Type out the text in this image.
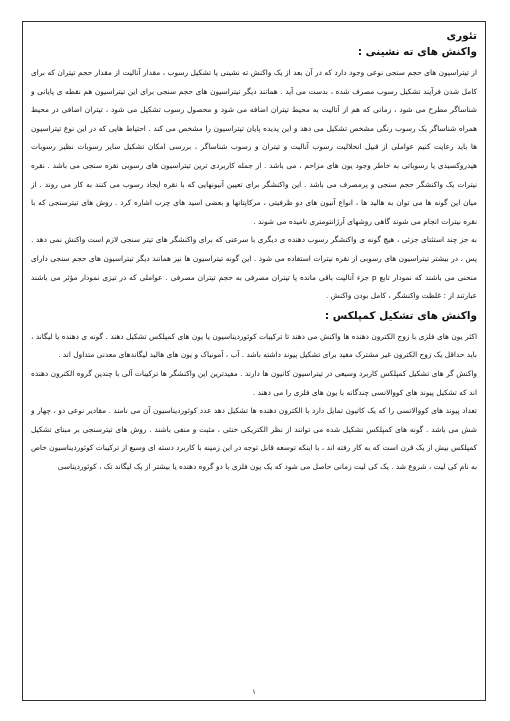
تئوری
واکنش های ته نشینی :

از تیتراسیون های حجم سنجی نوعی وجود دارد که در آن بعد از یک واکنش ته نشینی یا تشکیل رسوب ، مقدار آنالیت از مقدار حجم تیتران که برای کامل شدن فرآیند تشکیل رسوب مصرف شده ، بدست می آید . همانند دیگر تیتراسیون های حجم سنجی برای این تیتراسیون هم نقطه ی پایانی و شناساگر مطرح می شود ، زمانی که هم از آنالیت به محیط تیتران اضافه می شود و محصول رسوب تشکیل می شود ، تیتران اضافی در محیط همراه شناساگر یک رسوب رنگی مشخص تشکیل می دهد و این پدیده پایان تیتراسیون را مشخص می کند . احتیاط هایی که در این نوع تیتراسیون ها باید رعایت کنیم عواملی از قبیل انحلالیت رسوب آنالیت و تیتران و رسوب شناساگر ، بررسی امکان تشکیل سایر رسوبات نظیر رسوبات هیدروکسیدی یا رسوباتی به خاطر وجود یون های مزاحم ، می باشد . از جمله کاربردی ترین تیتراسیون های رسوبی نقره سنجی می باشد . نقره نیترات یک واکنشگر حجم سنجی و پرمصرف می باشد . این واکنشگر برای تعیین آنیونهایی که با نقره ایجاد رسوب می کنند به کار می روند . از میان این گونه ها می توان به هالید ها ، انواع آنیون های دو ظرفیتی ، مرکاپتانها و بعضی اسید های چرب اشاره کرد . روش های تیترسنجی که با نقره نیترات انجام می شوند گاهی روشهای آرژانتومتری نامیده می شوند .

به جز چند استثنای جزئی ، هیچ گونه ی واکنشگر رسوب دهنده ی دیگری با سرعتی که برای واکنشگر های تیتر سنجی لازم است واکنش نمی دهد . پس ، در بیشتر تیتراسیون های رسوبی از نقره نیترات استفاده می شود . این گونه تیتراسیون ها نیز همانند دیگر تیتراسیون های حجم سنجی دارای منحنی می باشند که نمودار تابع p جزء آنالیت باقی مانده یا تیتران مصرفی به حجم تیتران مصرفی . عواملی که در تیزی نمودار مؤثر می باشند عبارتند از : غلظت واکنشگر ، کامل بودن واکنش .

واکنش های تشکیل کمپلکس :

اکثر یون های فلزی با زوج الکترون دهنده ها واکنش می دهند تا ترکیبات کوئوردیناسیون یا یون های کمپلکس تشکیل دهند . گونه ی دهنده یا لیگاند ، باید حداقل یک زوج الکترون غیر مشترک مفید برای تشکیل پیوند داشته باشد . آب ، آمونیاک و یون های هالید لیگاندهای معدنی متداول اند .

واکنش گر های تشکیل کمپلکس کاربرد وسیعی در تیتراسیون کاتیون ها دارند . مفیدترین این واکنشگر ها ترکیبات آلی با چندین گروه الکترون دهنده اند که تشکیل پیوند های کووالانسی چندگانه با یون های فلزی را می دهند .

تعداد پیوند های کووالانسی را که یک کاتیون تمایل دارد با الکترون دهنده ها تشکیل دهد عدد کوئوردیناسیون آن می نامند . مقادیر نوعی دو ، چهار و شش می باشد . گونه های کمپلکس تشکیل شده می توانند از نظر الکتریکی خنثی ، مثبت و منفی باشند . روش های تیترسنجی بر مبنای تشکیل کمپلکس بیش از یک قرن است که به کار رفته اند ، با اینکه توسعه قابل توجه در این زمینه با کاربرد دسته ای وسیع از ترکیبات کوئوردیناسیون خاص به نام کی لیت ، شروع شد . یک کی لیت زمانی حاصل می شود که یک یون فلزی با دو گروه دهنده یا بیشتر از یک لیگاند تک ، کوئوردیناسی

۱
